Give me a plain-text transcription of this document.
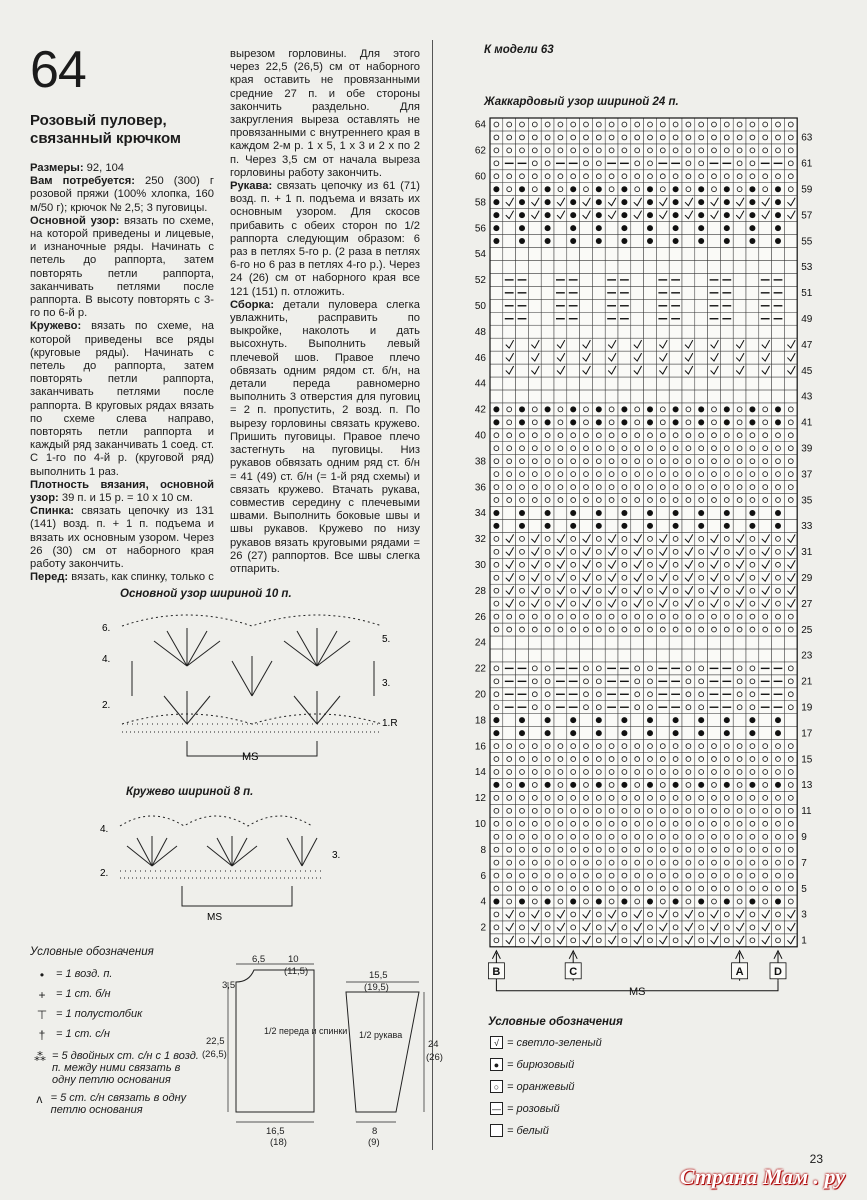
64
Розовый пуловер, связанный крючком

Размеры: 92, 104

Вам потребуется: 250 (300) г розовой пряжи (100% хлопка, 160 м/50 г); крючок № 2,5; 3 пуговицы.

Основной узор: вязать по схеме, на которой приведены и лицевые, и изнаночные ряды. Начинать с петель до раппорта, затем повторять петли раппорта, заканчивать петлями после раппорта. В высоту повторять с 3-го по 6-й р.

Кружево: вязать по схеме, на которой приведены все ряды (круговые ряды). Начинать с петель до раппорта, затем повторять петли раппорта, заканчивать петлями после раппорта. В круговых рядах вязать по схеме слева направо, повторять петли раппорта и каждый ряд заканчивать 1 соед. ст. С 1-го по 4-й р. (круговой ряд) выполнить 1 раз.

Плотность вязания, основной узор: 39 п. и 15 р. = 10 x 10 см.

Спинка: связать цепочку из 131 (141) возд. п. + 1 п. подъема и вязать их основным узором. Через 26 (30) см от наборного края работу закончить.

Перед: вязать, как спинку, только с

вырезом горловины. Для этого через 22,5 (26,5) см от наборного края оставить не провязанными средние 27 п. и обе стороны закончить раздельно. Для закругления выреза оставлять не провязанными с внутреннего края в каждом 2-м р. 1 x 5, 1 x 3 и 2 x по 2 п. Через 3,5 см от начала выреза горловины работу закончить.

Рукава: связать цепочку из 61 (71) возд. п. + 1 п. подъема и вязать их основным узором. Для скосов прибавить с обеих сторон по 1/2 раппорта следующим образом: 6 раз в петлях 5-го р. (2 раза в петлях 6-го но 6 раз в петлях 4-го р.). Через 24 (26) см от наборного края все 121 (151) п. отложить.

Сборка: детали пуловера слегка увлажнить, расправить по выкройке, наколоть и дать высохнуть. Выполнить левый плечевой шов. Правое плечо обвязать одним рядом ст. б/н, на детали переда равномерно выполнить 3 отверстия для пуговиц = 2 п. пропустить, 2 возд. п. По вырезу горловины связать кружево. Пришить пуговицы. Правое плечо застегнуть на пуговицы. Низ рукавов обвязать одним ряд ст. б/н = 41 (49) ст. б/н (= 1-й ряд схемы) и связать кружево. Втачать рукава, совместив середину с плечевыми швами. Выполнить боковые швы и швы рукавов. Кружево по низу рукавов вязать круговыми рядами = 26 (27) раппортов. Все швы слегка отпарить.

К модели 63
Жаккардовый узор шириной 24 п.
Основной узор шириной 10 п.
6.
5.
4.
3.
2.
1.R
MS
Кружево шириной 8 п.
4.
3.
2.
MS
Условные обозначения
6,5 10
(11,5)
3,5
22,5
(26,5)
1/2 переда и спинки
16,5
(18)
15,5
(19,5)
1/2 рукава
24
(26)
8
(9)
64
62
60
58
56
54
52
50
48
46
44
42
40
38
36
34
32
30
28
26
24
22
20
18
16
14
12
10
8
6
4
2
63
61
59
57
55
53
51
49
47
45
43
41
39
37
35
33
31
29
27
25
23
21
19
17
15
13
11
9
7
5
3
1
B	C	A	D
MS
Условные обозначения
23
Страна Мам . ру
•	= 1 возд. п.
+ = 1 ст. б/н
⊤ = 1 полустолбик
† = 1 ст. с/н
⁂ = 5 двойных ст. с/н с 1 возд. п. между ними связать в одну петлю основания
ʌ = 5 ст. с/н связать в одну петлю основания
√ = светло-зеленый
● = бирюзовый
○ = оранжевый
— = розовый
= белый
